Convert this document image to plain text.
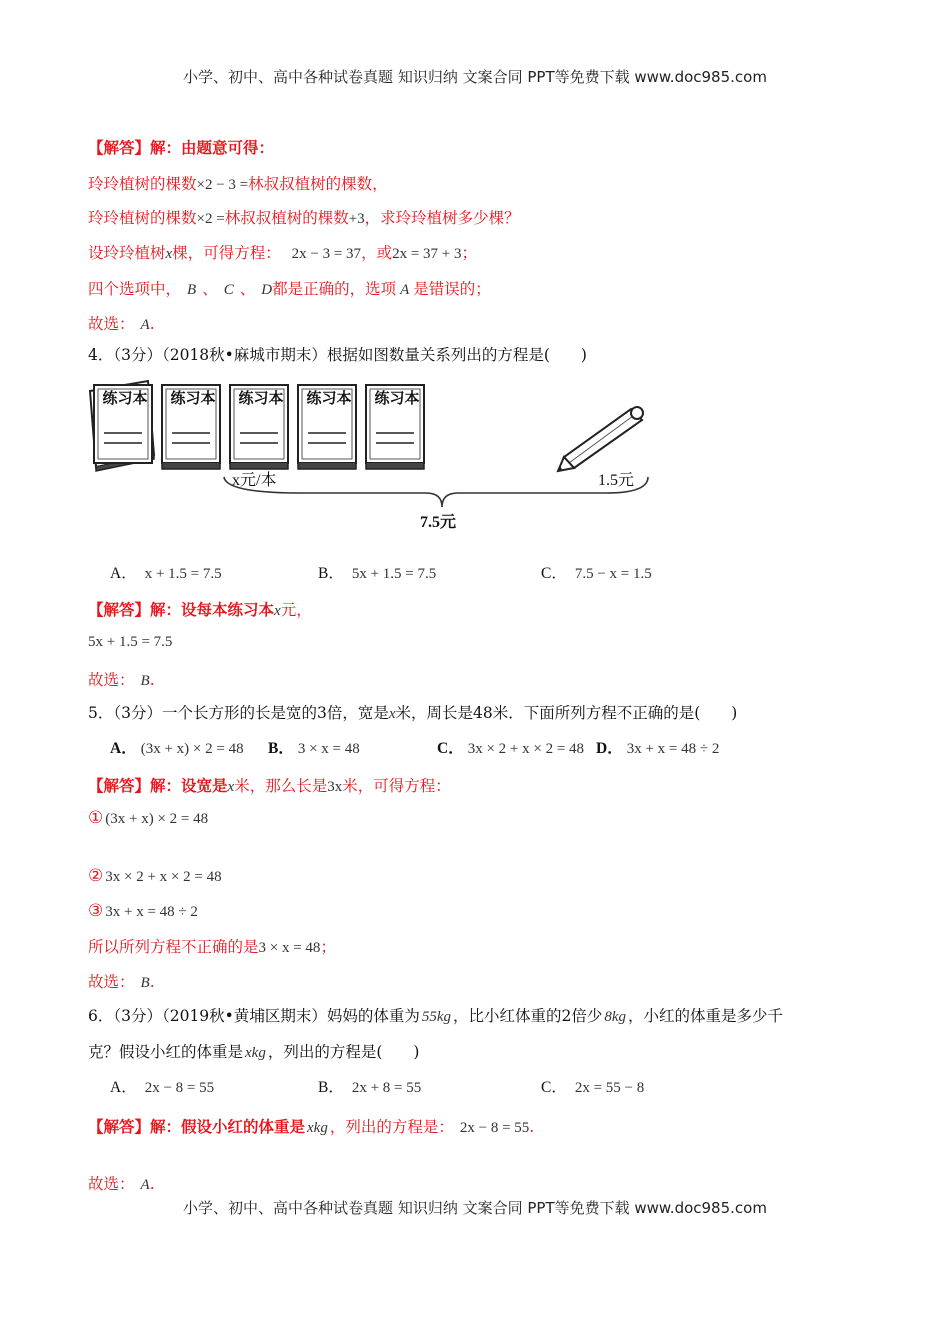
小学、初中、高中各种试卷真题 知识归纳 文案合同 PPT等免费下载 www.doc985.com
【解答】解：由题意可得：
玲玲植树的棵数×2 − 3 =林叔叔植树的棵数，
玲玲植树的棵数×2 =林叔叔植树的棵数+3，求玲玲植树多少棵？
设玲玲植树x棵，可得方程： 2x − 3 = 37，或2x = 37 + 3；
四个选项中， B 、 C 、 D都是正确的，选项 A 是错误的；
故选： A.
4．（3分）（2018秋•麻城市期末）根据如图数量关系列出的方程是(　　)
练习本	练习本	练习本	练习本	练习本
x元/本	1.5元
7.5元
A． x + 1.5 = 7.5	B． 5x + 1.5 = 7.5	C． 7.5 − x = 1.5
【解答】解：设每本练习本x元，
5x + 1.5 = 7.5
故选： B.
5．（3分）一个长方形的长是宽的3倍，宽是x米，周长是48米．下面所列方程不正确的是(　　)
A． (3x + x) × 2 = 48 B． 3 × x = 48	C． 3x × 2 + x × 2 = 48 D． 3x + x = 48 ÷ 2
【解答】解：设宽是x米，那么长是3x米，可得方程：
① (3x + x) × 2 = 48
② 3x × 2 + x × 2 = 48
③ 3x + x = 48 ÷ 2
所以所列方程不正确的是3 × x = 48；
故选： B.
6．（3分）（2019秋•黄埔区期末）妈妈的体重为 55kg ，比小红体重的2倍少 8kg ，小红的体重是多少千
克？假设小红的体重是 xkg ，列出的方程是(　　)
A． 2x − 8 = 55	B． 2x + 8 = 55	C． 2x = 55 − 8
【解答】解：假设小红的体重是 xkg ，列出的方程是： 2x − 8 = 55.
故选： A.
小学、初中、高中各种试卷真题 知识归纳 文案合同 PPT等免费下载 www.doc985.com
